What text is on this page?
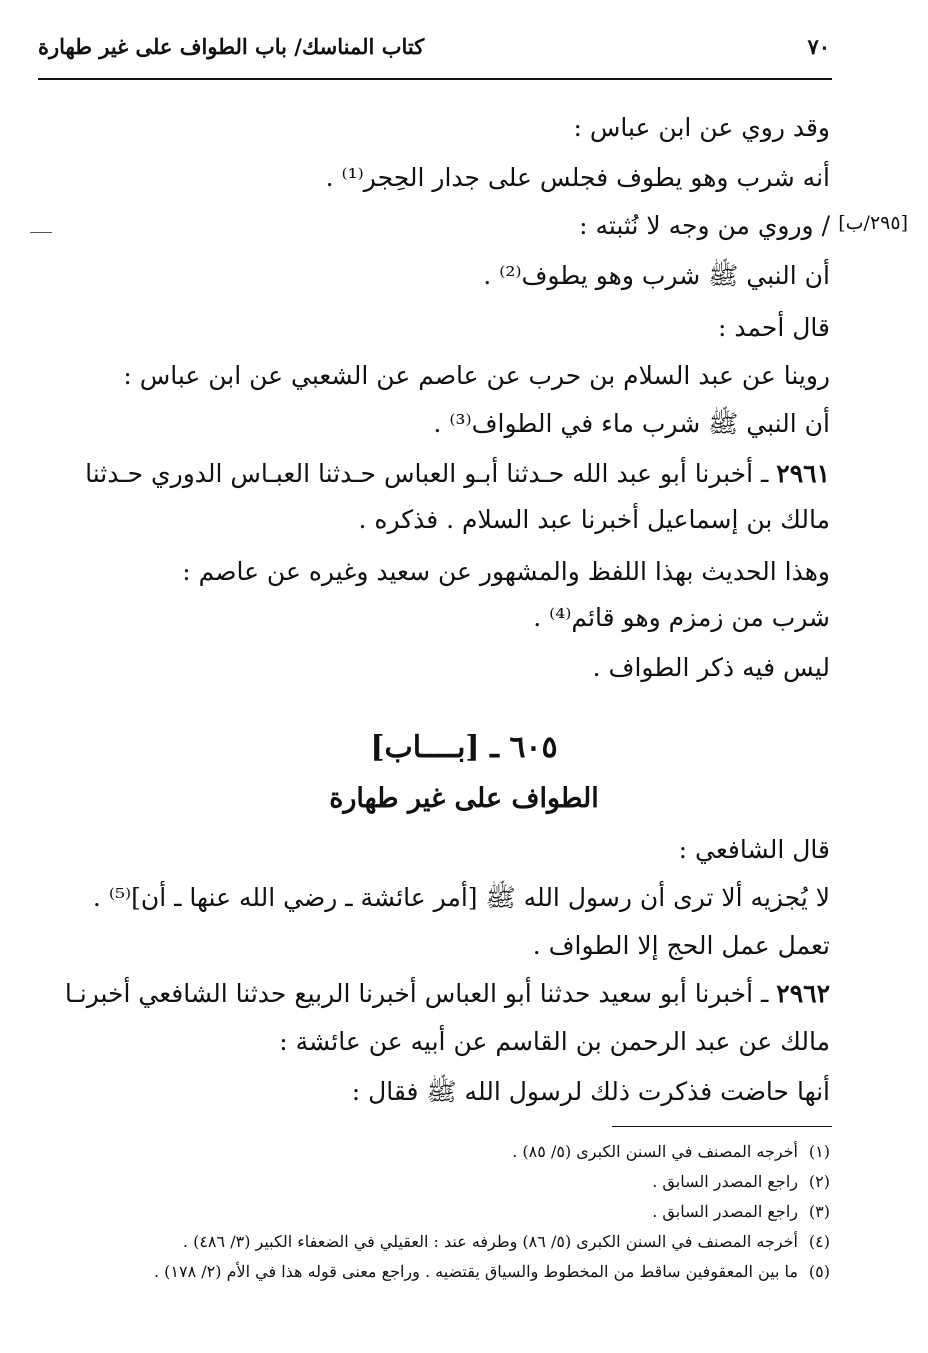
٧٠
كتاب المناسك/ باب الطواف على غير طهارة
[٢٩٥/ب]
وقد روي عن ابن عباس :
أنه شرب وهو يطوف فجلس على جدار الحِجر⁽¹⁾ .
/ وروي من وجه لا نُثبته :
أن النبي ﷺ شرب وهو يطوف⁽²⁾ .
قال أحمد :
روينا عن عبد السلام بن حرب عن عاصم عن الشعبي عن ابن عباس :
أن النبي ﷺ شرب ماء في الطواف⁽³⁾ .
٢٩٦١ ـ أخبرنا أبو عبد الله حـدثنا أبـو العباس حـدثنا العبـاس الدوري حـدثنا
مالك بن إسماعيل أخبرنا عبد السلام . فذكره .
وهذا الحديث بهذا اللفظ والمشهور عن سعيد وغيره عن عاصم :
شرب من زمزم وهو قائم⁽⁴⁾ .
ليس فيه ذكر الطواف .
٦٠٥ ـ [بــــاب]
الطواف على غير طهارة
قال الشافعي :
لا يُجزيه ألا ترى أن رسول الله ﷺ [أمر عائشة ـ رضي الله عنها ـ أن]⁽⁵⁾ .
تعمل عمل الحج إلا الطواف .
٢٩٦٢ ـ أخبرنا أبو سعيد حدثنا أبو العباس أخبرنا الربيع حدثنا الشافعي أخبرنـا
مالك عن عبد الرحمن بن القاسم عن أبيه عن عائشة :
أنها حاضت فذكرت ذلك لرسول الله ﷺ فقال :
(١)أخرجه المصنف في السنن الكبرى (٥/ ٨٥) .
(٢)راجع المصدر السابق .
(٣)راجع المصدر السابق .
(٤)أخرجه المصنف في السنن الكبرى (٥/ ٨٦) وطرفه عند : العقيلي في الضعفاء الكبير (٣/ ٤٨٦) .
(٥)ما بين المعقوفين ساقط من المخطوط والسياق يقتضيه . وراجع معنى قوله هذا في الأم (٢/ ١٧٨) .
